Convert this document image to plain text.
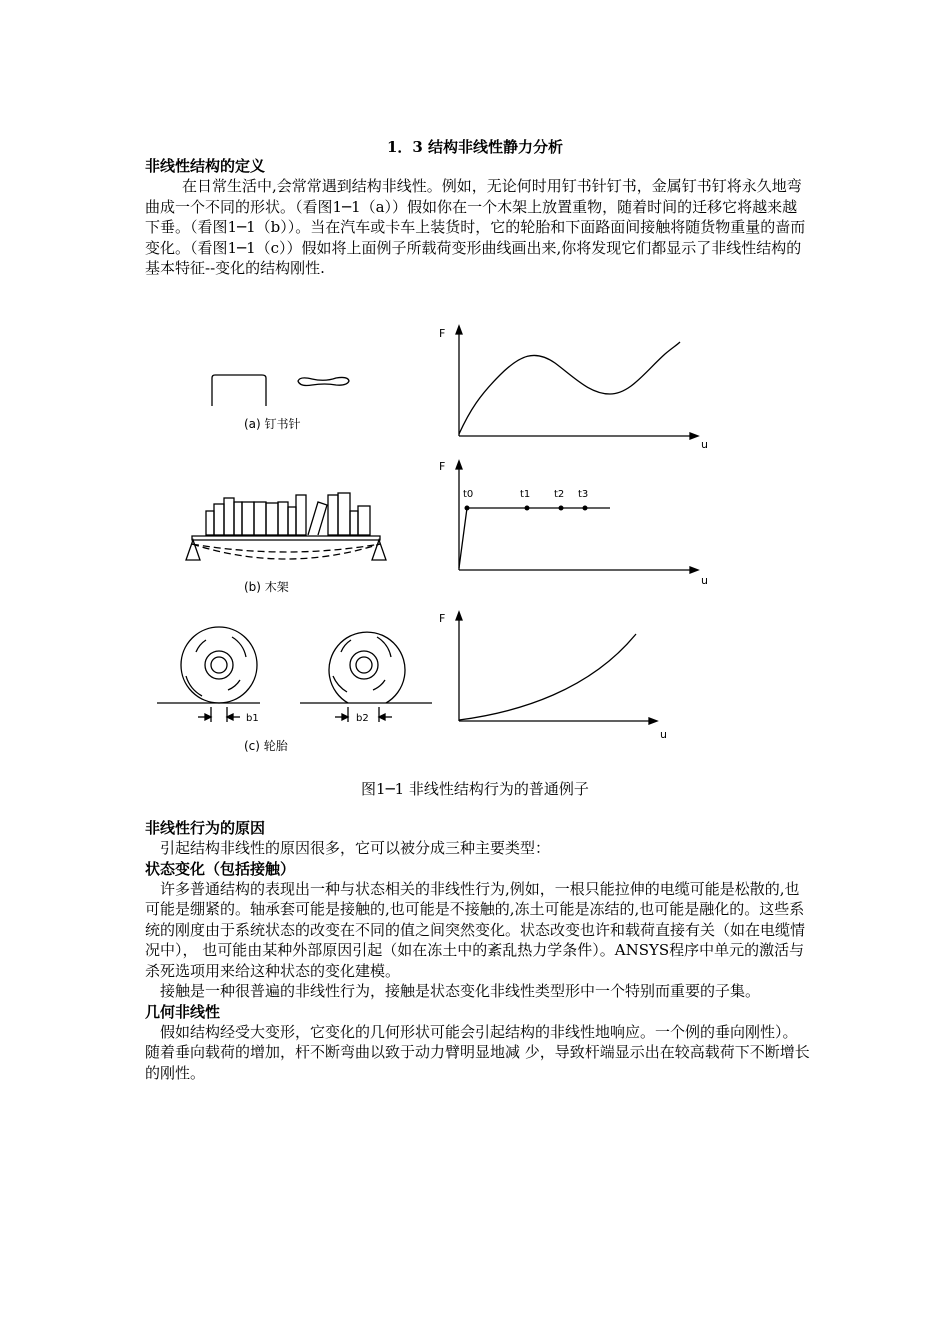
1．3 结构非线性静力分析
非线性结构的定义

在日常生活中,会常常遇到结构非线性。例如，无论何时用钉书针钉书，金属钉书钉将永久地弯曲成一个不同的形状。（看图1─1（a））假如你在一个木架上放置重物，随着时间的迁移它将越来越下垂。（看图1─1（b））。当在汽车或卡车上装货时，它的轮胎和下面路面间接触将随货物重量的啬而变化。（看图1─1（c））假如将上面例子所载荷变形曲线画出来,你将发现它们都显示了非线性结构的基本特征--变化的结构刚性.

F
u
F
u
F
u
t0	t1 t2 t3
b1	b2
(a) 钉书针
(b) 木架
(c) 轮胎
图1─1 非线性结构行为的普通例子
非线性行为的原因

引起结构非线性的原因很多，它可以被分成三种主要类型：

状态变化（包括接触）

许多普通结构的表现出一种与状态相关的非线性行为,例如，一根只能拉伸的电缆可能是松散的,也可能是绷紧的。轴承套可能是接触的,也可能是不接触的,冻土可能是冻结的,也可能是融化的。这些系统的刚度由于系统状态的改变在不同的值之间突然变化。状态改变也许和载荷直接有关（如在电缆情况中）， 也可能由某种外部原因引起（如在冻土中的紊乱热力学条件）。ANSYS程序中单元的激活与杀死选项用来给这种状态的变化建模。

接触是一种很普遍的非线性行为，接触是状态变化非线性类型形中一个特别而重要的子集。

几何非线性

假如结构经受大变形，它变化的几何形状可能会引起结构的非线性地响应。一个例的垂向刚性）。随着垂向载荷的增加，杆不断弯曲以致于动力臂明显地减 少，导致杆端显示出在较高载荷下不断增长的刚性。
